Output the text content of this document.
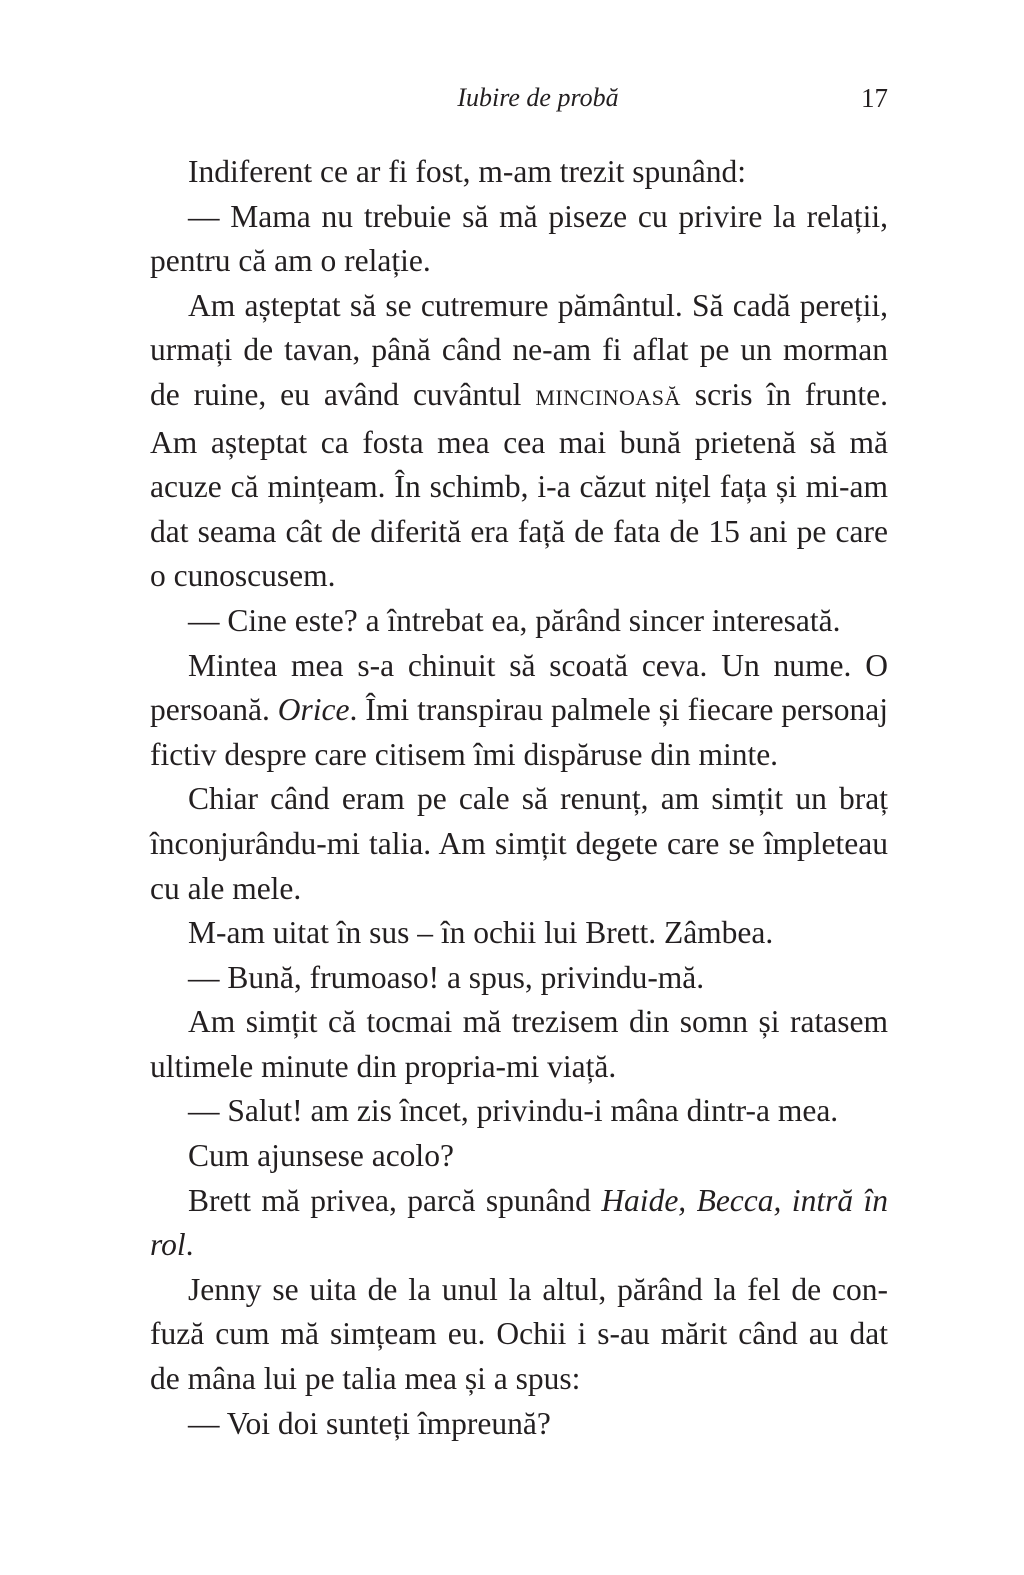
Iubire de probă	17

Indiferent ce ar fi fost, m-am trezit spunând:

— Mama nu trebuie să mă piseze cu privire la relații, pentru că am o relație.

Am așteptat să se cutremure pământul. Să cadă pereții, urmați de tavan, până când ne-am fi aflat pe un morman de ruine, eu având cuvântul MINCINOASĂ scris în frunte. Am așteptat ca fosta mea cea mai bună prietenă să mă acuze că mințeam. În schimb, i-a căzut nițel fața și mi-am dat seama cât de diferită era față de fata de 15 ani pe care o cunoscusem.

— Cine este? a întrebat ea, părând sincer interesată.

Mintea mea s-a chinuit să scoată ceva. Un nume. O persoană. Orice. Îmi transpirau palmele și fiecare personaj fictiv despre care citisem îmi dispăruse din minte.

Chiar când eram pe cale să renunț, am simțit un braț înconjurându-mi talia. Am simțit degete care se împleteau cu ale mele.

M-am uitat în sus – în ochii lui Brett. Zâmbea.

— Bună, frumoaso! a spus, privindu-mă.

Am simțit că tocmai mă trezisem din somn și ratasem ultimele minute din propria-mi viață.

— Salut! am zis încet, privindu-i mâna dintr-a mea.

Cum ajunsese acolo?

Brett mă privea, parcă spunând Haide, Becca, intră în rol.

Jenny se uita de la unul la altul, părând la fel de confuză cum mă simțeam eu. Ochii i s-au mărit când au dat de mâna lui pe talia mea și a spus:

— Voi doi sunteți împreună?
